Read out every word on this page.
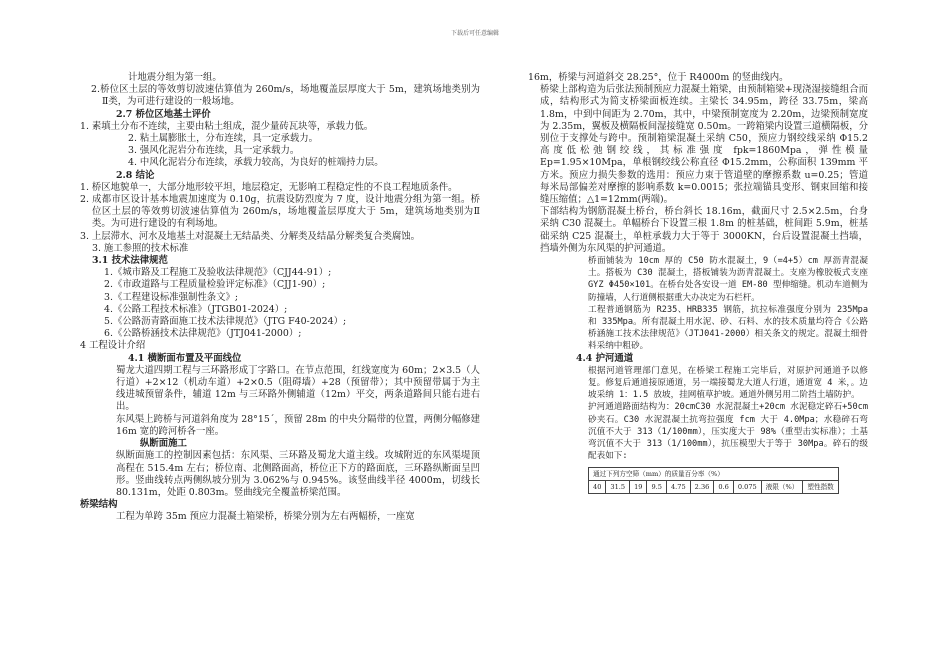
下载后可任意编辑

计地震分组为第一组。

2.桥位区土层的等效剪切波速估算值为 260m/s，场地覆盖层厚度大于 5m，建筑场地类别为Ⅱ类，为可进行建设的一般场地。

2.7 桥位区地基土评价

1. 素填土分布不连续，主要由粘土组成，混少量砖瓦块等，承载力低。

2. 粘土属膨胀土，分布连续，具一定承载力。

3. 强风化泥岩分布连续，具一定承载力。

4. 中风化泥岩分布连续，承载力较高，为良好的桩端持力层。

2.8 结论

1. 桥区地貌单一，大部分地形较平坦，地层稳定，无影响工程稳定性的不良工程地质条件。

2. 成都市区设计基本地震加速度为 0.10g，抗震设防烈度为 7 度，设计地震分组为第一组。桥位区土层的等效剪切波速估算值为 260m/s，场地覆盖层厚度大于 5m，建筑场地类别为Ⅱ类。为可进行建设的有利场地。

3. 上层滞水、河水及地基土对混凝土无结晶类、分解类及结晶分解类复合类腐蚀。

3. 施工参照的技术标准

3.1 技术法律规范

1.《城市路及工程施工及验收法律规范》（CJJ44-91）;

2.《市政道路与工程质量检验评定标准》（CJJ1-90）;

3.《工程建设标准强制性条文》;

4.《公路工程技术标准》（JTGB01-2024）;

5.《公路沥青路面施工技术法律规范》（JTG F40-2024）;

6.《公路桥涵技术法律规范》（JTJ041-2000）;

4 工程设计介绍

4.1 横断面布置及平面线位

蜀龙大道四期工程与三环路形成丁字路口。在节点范围，红线宽度为 60m；2×3.5（人行道）+2×12（机动车道）+2×0.5（阻碍墙）+28（预留带）；其中预留带属于为主线进城预留条件，辅道 12m 与三环路外侧辅道（12m）平交，两条道路间只能右进右出。

东风渠上跨桥与河道斜角度为 28°15´，预留 28m 的中央分隔带的位置，两侧分幅修建 16m 宽的跨河桥各一座。

纵断面施工

纵断面施工的控制因素包括：东风渠、三环路及蜀龙大道主线。攻城附近的东风渠堤顶高程在 515.4m 左右；桥位南、北侧路面高，桥位正下方的路面底，三环路纵断面呈凹形。竖曲线转点两侧纵坡分别为 3.062%与 0.945%。该竖曲线半径 4000m，切线长 80.131m，处距 0.803m。竖曲线完全覆盖桥梁范围。

桥梁结构

工程为单跨 35m 预应力混凝土箱梁桥，桥梁分别为左右两幅桥，一座宽

16m，桥梁与河道斜交 28.25°，位于 R4000m 的竖曲线内。

桥梁上部构造为后张法预制预应力混凝土箱梁，由预制箱梁+现浇湿接缝组合而成，结构形式为简支桥梁面板连续。主梁长 34.95m，跨径 33.75m，梁高 1.8m，中到中间距为 2.70m，其中，中梁预制宽度为 2.20m，边梁预制宽度为 2.35m，翼板及横隔板间湿接缝宽 0.50m。一跨箱梁内设置三道横隔板，分别位于支撑处与跨中。预制箱梁混凝土采纳 C50，预应力钢绞线采纳 Φ15.2 高度低松弛钢绞线，其标准强度 fpk=1860Mpa，弹性模量 Ep=1.95×10Mpa，单根钢绞线公称直径 Φ15.2mm，公称面积 139mm 平方米。预应力损失参数的选用：预应力束于管道壁的摩擦系数 u=0.25；管道每米局部偏差对摩擦的影响系数 k=0.0015；张拉端锚具变形、钢束回缩和接缝压缩值；△1=12mm(两端)。

下部结构为钢筋混凝土桥台，桥台斜长 18.16m，截面尺寸 2.5×2.5m，台身采纳 C30 混凝土。单幅桥台下设置三根 1.8m 的桩基础，桩间距 5.9m，桩基础采纳 C25 混凝土，单桩承载力大于等于 3000KN，台后设置混凝土挡墙，挡墙外侧为东风渠的护河通道。

桥面铺装为 10cm 厚的 C50 防水混凝土，9（=4+5）cm 厚沥青混凝土。搭板为 C30 混凝土，搭板铺装为沥青混凝土。支座为橡胶板式支座 GYZ Φ450×101。在桥台处各安设一道 EM-80 型伸缩缝。机动车道侧为防撞墙，人行道侧根据重大办决定为石栏杆。

工程普通钢筋为 R235、HRB335 钢筋，抗拉标准强度分别为 235Mpa 和 335Mpa。所有混凝土用水泥、砂、石料、水的技术质量均符合《公路桥涵施工技术法律规范》（JTJ041-2000）相关条文的规定。混凝土细骨料采纳中粗砂。

4.4 护河通道

根据河道管理部门意见，在桥梁工程施工完毕后，对原护河通道予以修复。修复后通道接原通道，另一端接蜀龙大道人行道，通道宽 4 米，。边坡采纳 1：1.5 放坡，挂网植草护坡。通道外侧另用二阶挡土墙防护。

护河通道路面结构为：20cmC30 水泥混凝土+20cm 水泥稳定碎石+50cm 砂夹石。C30 水泥混凝土抗弯拉强度 fcm 大于 4.0Mpa；水稳碎石弯沉值不大于 313（1/100mm），压实度大于 98%（重型击实标准）；土基弯沉值不大于 313（1/100mm），抗压模型大于等于 30Mpa。碎石的级配表如下:

通过下列方空筛（mm）的质量百分率（%）
40	31.5	19	9.5	4.75	2.36	0.6	0.075	液限（%）	塑性指数
